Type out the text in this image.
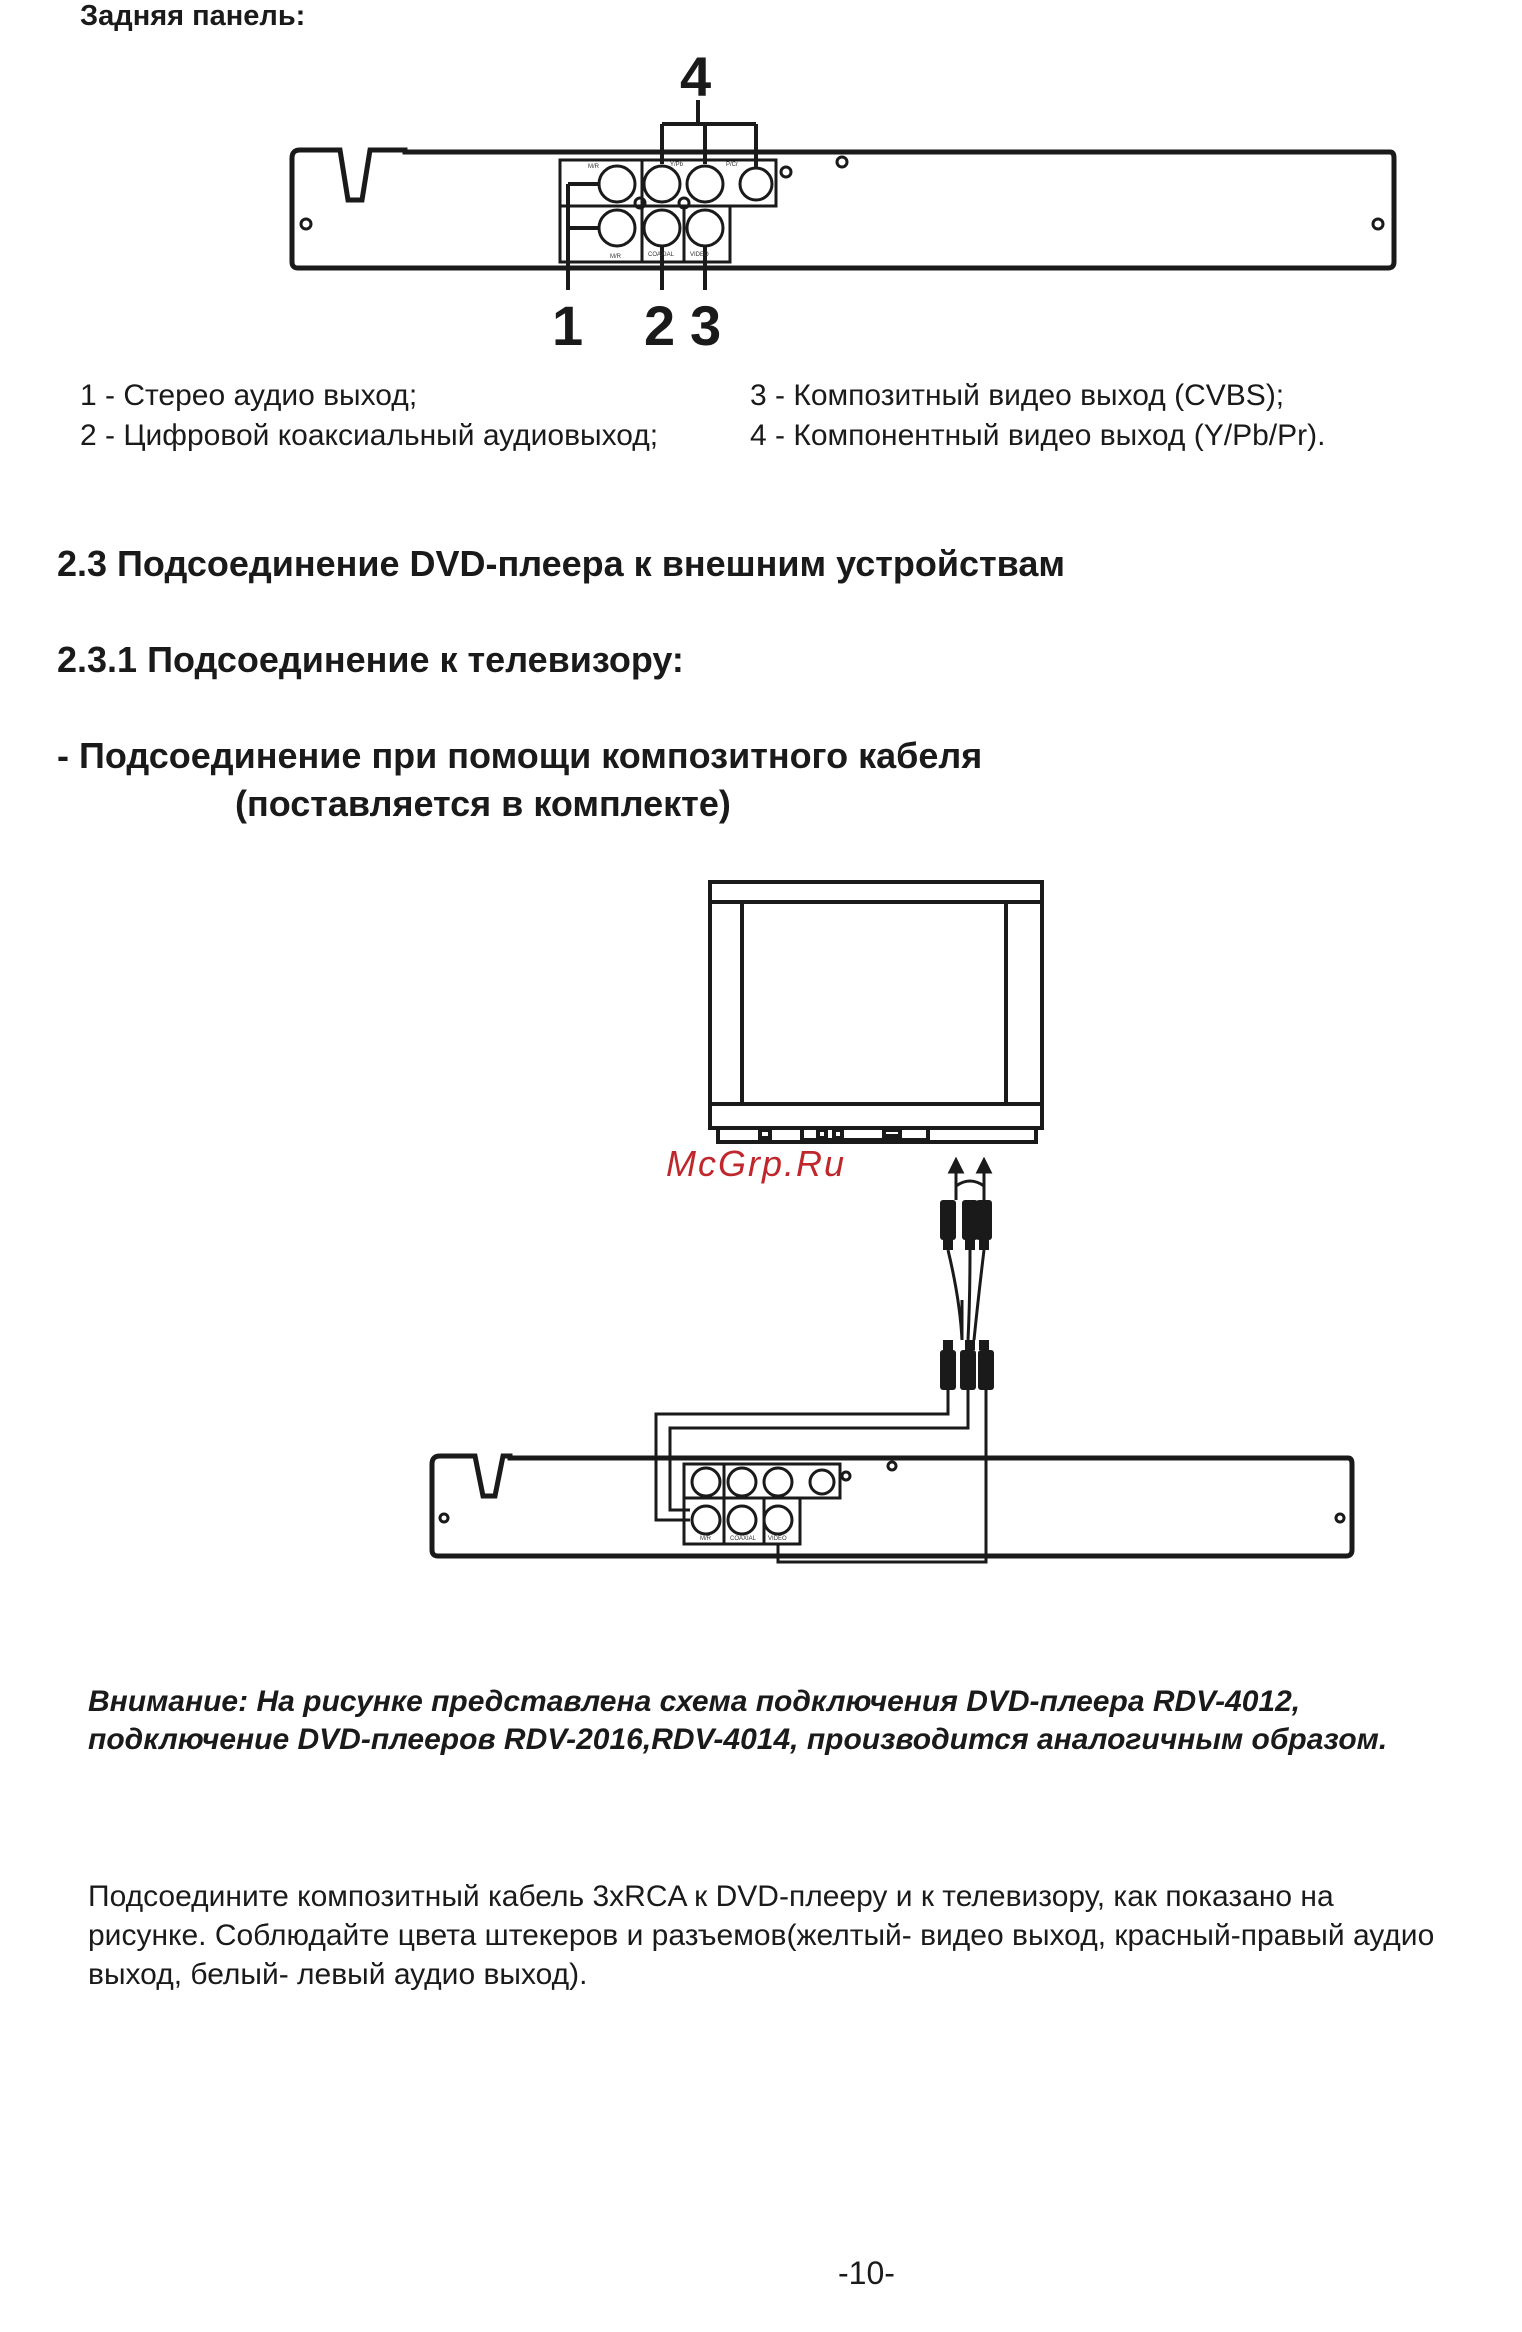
Задняя панель:
M/R
M/R	COAXIAL	VIDEO
Y/Pb	P/Cr
4
1 2 3
1 - Стерео аудио выход;
2 - Цифровой коаксиальный аудиовыход;
3 - Композитный видео выход (CVBS);
4 - Компонентный видео выход (Y/Pb/Pr).
2.3 Подсоединение DVD-плеера к внешним устройствам
2.3.1 Подсоединение к телевизору:
- Подсоединение при помощи композитного кабеля
(поставляется в комплекте)
M/R	COAXIAL VIDEO
McGrp.Ru
Внимание: На рисунке представлена схема подключения DVD-плеера RDV-4012,
подключение DVD-плееров RDV-2016,RDV-4014, производится аналогичным образом.
Подсоедините композитный кабель 3хRCA к DVD-плееру и к телевизору, как показано на
рисунке. Соблюдайте цвета штекеров и разъемов(желтый- видео выход, красный-правый аудио
выход, белый- левый аудио выход).
-10-
